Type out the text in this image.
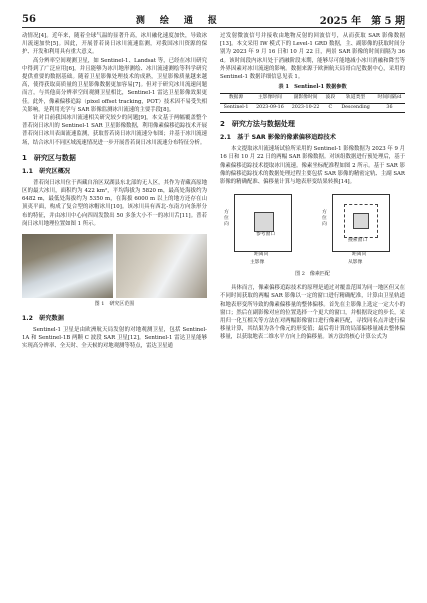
56	测　绘　通　报	2025 年　第 5 期

动情况[4]。近年来，随着全球气温的显著升高，冰川融化速度加快，导致冰川流速加快[5]。因此，开展普若岗日冰川流速监测，对我国冰川资源的保护、开发和利用具有重大意义。

高分辨率空间观测卫星，如 Sentinel-1、Landsat 等，已经在冰川研究中得到了广泛应用[6]，并且能够为冰川地形测绘、冰川流速测绘等科学研究提供重要的数据基础。随着卫星影像处理技术的成熟，卫星影像质量越来越高，使得获取高质量的卫星影像数据更加容易[7]。但对于研究冰川流速问题而言，与其他高分辨率空间观测卫星相比，Sentinel-1 雷达卫星影像效果更佳。此外，像素偏移追踪（pixel offset tracking，POT）技术因不易受失相关影响，是利用光学与 SAR 影像监测冰川流速的主要手段[8]。

针对目前我国冰川流速相关研究较少的问题[9]，本文基于两幅覆盖整个普若岗日冰川的 Sentinel-1 SAR 卫星影像数据，利用像素偏移追踪技术开展普若岗日冰川表面流速监测，获取普若岗日冰川流速分布图；并基于冰川流速场，结合冰川不同区域流速情况进一步开展普若岗日冰川流速分布特征分析。

1　研究区与数据
1.1　研究区概况

普若岗日冰川位于西藏自治区双湖县东北部的无人区，其作为青藏高原地区的最大冰川，面积约为 422 km²，平均海拔为 5820 m，最高处海拔约为 6482 m，最低处海拔约为 5350 m，在海拔 6000 m 以上的地方还存在山顶夷平面，构成了复合型的冰帽冰川[10]。该冰川具有西北-东南方向条形分布的特征，并由冰川中心向四周发散出 50 多条大小不一的冰川舌[11]。普若岗日冰川地理位置如图 1 所示。

图 1　研究区范围
1.2　研究数据

Sentinel-1 卫星是由欧洲航天局发射的对地观测卫星，包括 Sentinel-1A 和 Sentinel-1B 两颗 C 波段 SAR 卫星[12]。Sentinel-1 雷达卫星能够实现高分辨率、全天时、全天候的对地观测等特点，雷达卫星通

过发射微波信号并接收由地物反射的回波信号，从而获取 SAR 影像数据[13]。本文采用 IW 模式下的 Level-1 GRD 数据，主、副影像的获取时间分别为 2023 年 9 月 16 日和 10 月 22 日，两景 SAR 影像的时间间隔为 36 d。该时间段内冰川处于消融阶段末期，能够尽可能地减小冰川消融和降雪等外界因素对冰川流速的影响。数据来源于欧洲航天局哥白尼数据中心，采用的 Sentinel-1 数据详细信息见表 1。

表 1　Sentinel-1 数据参数
数据源	主影像时间	副影像时间	波段	轨道类型	时间间隔/d
Sentinel-1	2023-09-16	2023-10-22	C	Descending	36
2　研究方法与数据处理
2.1　基于 SAR 影像的像素偏移追踪技术

本文提取冰川流速场试验所采用的 Sentinel-1 影像数据为 2023 年 9 月 16 日和 10 月 22 日的两幅 SAR 影像数据。对该组数据进行预处理后，基于像素偏移追踪技术提取冰川流速。像素坐标配准程如图 2 所示。基于 SAR 影像的偏移追踪技术的数据处理过程主要包括 SAR 影像的精密定轨、主副 SAR 影像的精确配准、偏移量计算与地表形变结果转换[14]。

参考窗口
方位向
距离向
主影像
搜索窗口
方位向
距离向
从影像
图 2　像素匹配

具体而言，像素偏移追踪技术的原理是通过对覆盖范围为同一地区但又在不同时间获取的两幅 SAR 影像以一定的窗口进行精确配准，计算由卫星轨道和地表形变所导致的像素偏移量的整体偏移。首先在主影像上选定一定大小的窗口；然后在副影像对应的位置选择一个更大的窗口，并根据设定的步长，采用归一化互相关等方法在对两幅影像窗口进行像素匹配，寻找同名点并进行偏移量计算，其结果为各个像元的形变值；最后将计算的局部偏移量减去整体偏移量，以获取地表二维水平方向上的偏移量。该方法的核心计算公式为
